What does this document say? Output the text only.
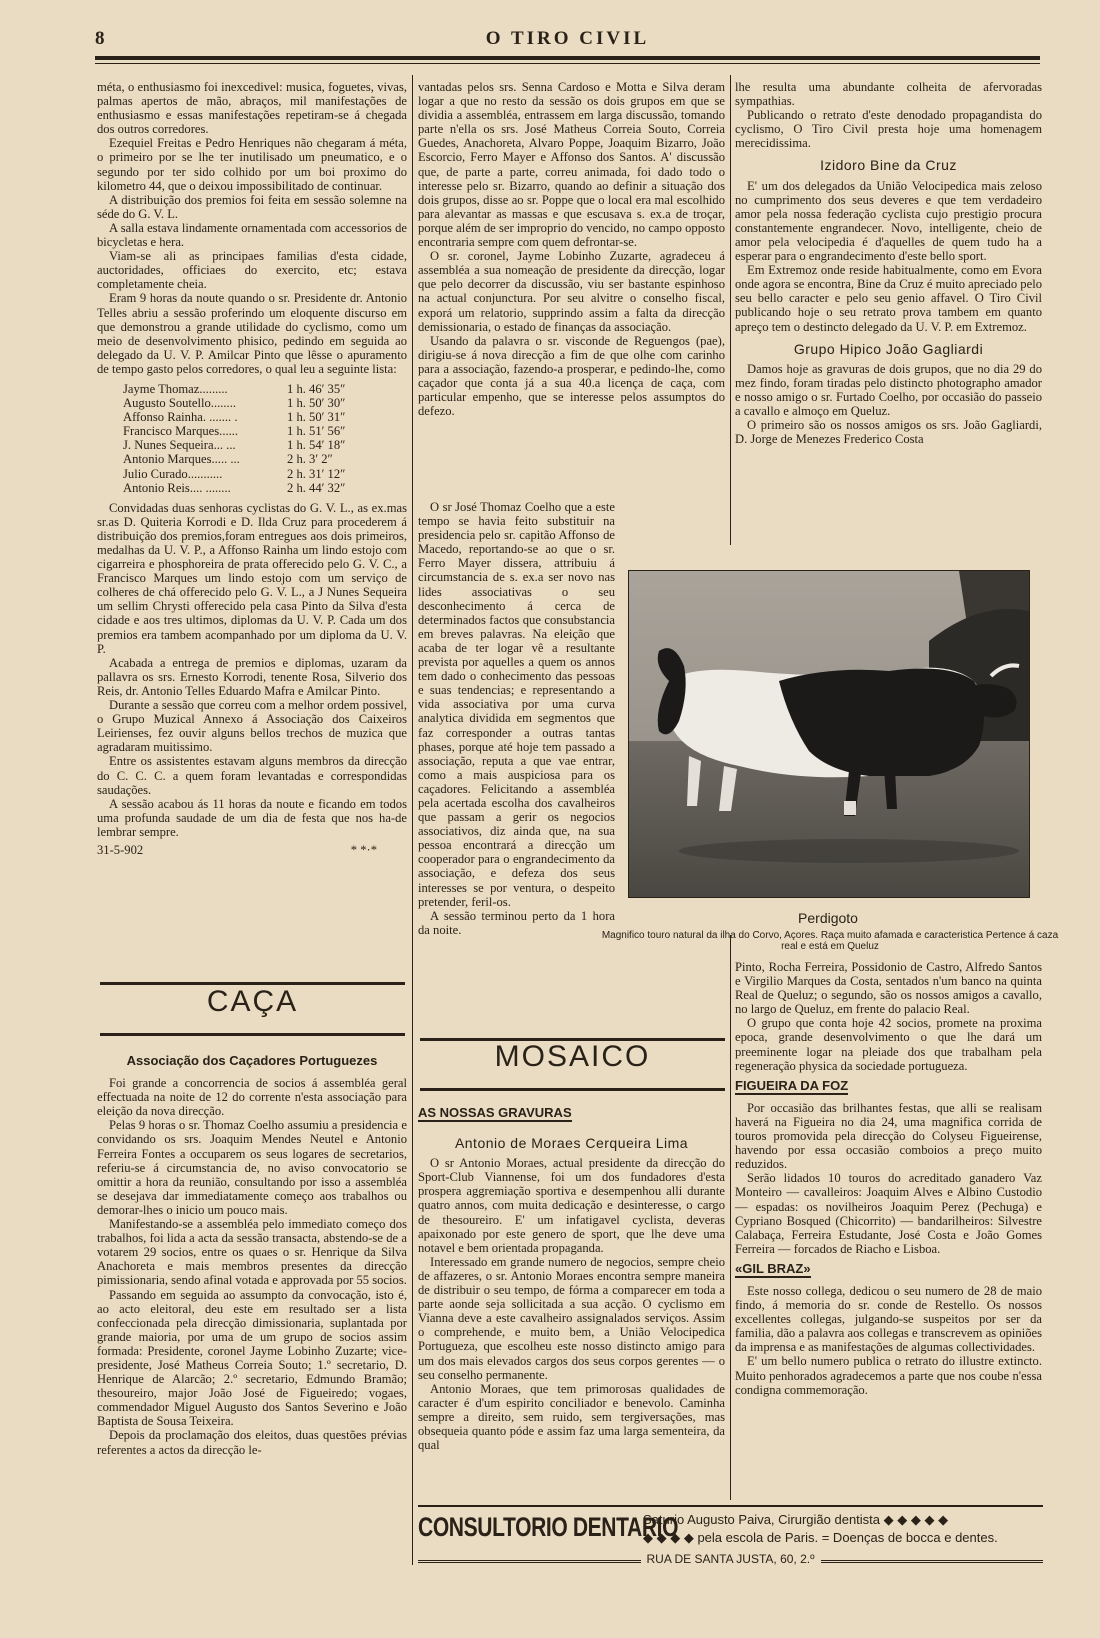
8	O TIRO CIVIL

méta, o enthusiasmo foi inexcedivel: musica, foguetes, vivas, palmas apertos de mão, abraços, mil manifestações de enthusiasmo e essas manifestações repetiram-se á chegada dos outros corredores.

Ezequiel Freitas e Pedro Henriques não chegaram á méta, o primeiro por se lhe ter inutilisado um pneumatico, e o segundo por ter sido colhido por um boi proximo do kilometro 44, que o deixou impossibilitado de continuar.

A distribuição dos premios foi feita em sessão solemne na séde do G. V. L.

A salla estava lindamente ornamentada com accessorios de bicycletas e hera.

Viam-se ali as principaes familias d'esta cidade, auctoridades, officiaes do exercito, etc; estava completamente cheia.

Eram 9 horas da noute quando o sr. Presidente dr. Antonio Telles abriu a sessão proferindo um eloquente discurso em que demonstrou a grande utilidade do cyclismo, como um meio de desenvolvimento phisico, pedindo em seguida ao delegado da U. V. P. Amilcar Pinto que lêsse o apuramento de tempo gasto pelos corredores, o qual leu a seguinte lista:

Jayme Thomaz.........	1 h. 46′ 35″
Augusto Soutello........	1 h. 50′ 30″
Affonso Rainha. ....... .	1 h. 50′ 31″
Francisco Marques......	1 h. 51′ 56″
J. Nunes Sequeira... ...	1 h. 54′ 18″
Antonio Marques..... ...	2 h. 3′ 2″
Julio Curado...........	2 h. 31′ 12″
Antonio Reis.... ........	2 h. 44′ 32″

Convidadas duas senhoras cyclistas do G. V. L., as ex.mas sr.as D. Quiteria Korrodi e D. Ilda Cruz para procederem á distribuição dos premios,foram entregues aos dois primeiros, medalhas da U. V. P., a Affonso Rainha um lindo estojo com cigarreira e phosphoreira de prata offerecido pelo G. V. C., a Francisco Marques um lindo estojo com um serviço de colheres de chá offerecido pelo G. V. L., a J Nunes Sequeira um sellim Chrysti offerecido pela casa Pinto da Silva d'esta cidade e aos tres ultimos, diplomas da U. V. P. Cada um dos premios era tambem acompanhado por um diploma da U. V. P.

Acabada a entrega de premios e diplomas, uzaram da pallavra os srs. Ernesto Korrodi, tenente Rosa, Silverio dos Reis, dr. Antonio Telles Eduardo Mafra e Amilcar Pinto.

Durante a sessão que correu com a melhor ordem possivel, o Grupo Muzical Annexo á Associação dos Caixeiros Leirienses, fez ouvir alguns bellos trechos de muzica que agradaram muitissimo.

Entre os assistentes estavam alguns membros da direcção do C. C. C. a quem foram levantadas e correspondidas saudações.

A sessão acabou ás 11 horas da noute e ficando em todos uma profunda saudade de um dia de festa que nos ha-de lembrar sempre.

31-5-902	* *·*
CAÇA
Associação dos Caçadores Portuguezes

Foi grande a concorrencia de socios á assembléa geral effectuada na noite de 12 do corrente n'esta associação para eleição da nova direcção.

Pelas 9 horas o sr. Thomaz Coelho assumiu a presidencia e convidando os srs. Joaquim Mendes Neutel e Antonio Ferreira Fontes a occuparem os seus logares de secretarios, referiu-se á circumstancia de, no aviso convocatorio se omittir a hora da reunião, consultando por isso a assembléa se desejava dar immediatamente começo aos trabalhos ou demorar-lhes o inicio um pouco mais.

Manifestando-se a assembléa pelo immediato começo dos trabalhos, foi lida a acta da sessão transacta, abstendo-se de a votarem 29 socios, entre os quaes o sr. Henrique da Silva Anachoreta e mais membros presentes da direcção pimissionaria, sendo afinal votada e approvada por 55 socios.

Passando em seguida ao assumpto da convocação, isto é, ao acto eleitoral, deu este em resultado ser a lista confeccionada pela direcção dimissionaria, suplantada por grande maioria, por uma de um grupo de socios assim formada: Presidente, coronel Jayme Lobinho Zuzarte; vice-presidente, José Matheus Correia Souto; 1.º secretario, D. Henrique de Alarcão; 2.º secretario, Edmundo Bramão; thesoureiro, major João José de Figueiredo; vogaes, commendador Miguel Augusto dos Santos Severino e João Baptista de Sousa Teixeira.

Depois da proclamação dos eleitos, duas questões prévias referentes a actos da direcção le-

vantadas pelos srs. Senna Cardoso e Motta e Silva deram logar a que no resto da sessão os dois grupos em que se dividia a assembléa, entrassem em larga discussão, tomando parte n'ella os srs. José Matheus Correia Souto, Correia Guedes, Anachoreta, Alvaro Poppe, Joaquim Bizarro, João Escorcio, Ferro Mayer e Affonso dos Santos. A' discussão que, de parte a parte, correu animada, foi dado todo o interesse pelo sr. Bizarro, quando ao definir a situação dos dois grupos, disse ao sr. Poppe que o local era mal escolhido para alevantar as massas e que escusava s. ex.a de troçar, porque além de ser improprio do vencido, no campo opposto encontraria sempre com quem defrontar-se.

O sr. coronel, Jayme Lobinho Zuzarte, agradeceu á assembléa a sua nomeação de presidente da direcção, logar que pelo decorrer da discussão, viu ser bastante espinhoso na actual conjunctura. Por seu alvitre o conselho fiscal, exporá um relatorio, supprindo assim a falta da direcção demissionaria, o estado de finanças da associação.

Usando da palavra o sr. visconde de Reguengos (pae), dirigiu-se á nova direcção a fim de que olhe com carinho para a associação, fazendo-a prosperar, e pedindo-lhe, como caçador que conta já a sua 40.a licença de caça, com particular empenho, que se interesse pelos assumptos do defezo.

O sr José Thomaz Coelho que a este tempo se havia feito substituir na presidencia pelo sr. capitão Affonso de Macedo, reportando-se ao que o sr. Ferro Mayer dissera, attribuiu á circumstancia de s. ex.a ser novo nas lides associativas o seu desconhecimento á cerca de determinados factos que consubstancia em breves palavras. Na eleição que acaba de ter logar vê a resultante prevista por aquelles a quem os annos tem dado o conhecimento das pessoas e suas tendencias; e representando a vida associativa por uma curva analytica dividida em segmentos que faz corresponder a outras tantas phases, porque até hoje tem passado a associação, reputa a que vae entrar, como a mais auspiciosa para os caçadores. Felicitando a assembléa pela acertada escolha dos cavalheiros que passam a gerir os negocios associativos, diz ainda que, na sua pessoa encontrará a direcção um cooperador para o engrandecimento da associação, e defeza dos seus interesses se por ventura, o despeito pretender, feril-os.

A sessão terminou perto da 1 hora da noite.

MOSAICO
AS NOSSAS GRAVURAS
Antonio de Moraes Cerqueira Lima

O sr Antonio Moraes, actual presidente da direcção do Sport-Club Viannense, foi um dos fundadores d'esta prospera aggremiação sportiva e desempenhou alli durante quatro annos, com muita dedicação e desinteresse, o cargo de thesoureiro. E' um infatigavel cyclista, deveras apaixonado por este genero de sport, que lhe deve uma notavel e bem orientada propaganda.

Interessado em grande numero de negocios, sempre cheio de affazeres, o sr. Antonio Moraes encontra sempre maneira de distribuir o seu tempo, de fórma a comparecer em toda a parte aonde seja sollicitada a sua acção. O cyclismo em Vianna deve a este cavalheiro assignalados serviços. Assim o comprehende, e muito bem, a União Velocipedica Portugueza, que escolheu este nosso distincto amigo para um dos mais elevados cargos dos seus corpos gerentes — o seu conselho permanente.

Antonio Moraes, que tem primorosas qualidades de caracter é d'um espirito conciliador e benevolo. Caminha sempre a direito, sem ruido, sem tergiversações, mas obsequeia quanto póde e assim faz uma larga sementeira, da qual

lhe resulta uma abundante colheita de afervoradas sympathias.

Publicando o retrato d'este denodado propagandista do cyclismo, O Tiro Civil presta hoje uma homenagem merecidissima.

Izidoro Bine da Cruz

E' um dos delegados da União Velocipedica mais zeloso no cumprimento dos seus deveres e que tem verdadeiro amor pela nossa federação cyclista cujo prestigio procura constantemente engrandecer. Novo, intelligente, cheio de amor pela velocipedia é d'aquelles de quem tudo ha a esperar para o engrandecimento d'este bello sport.

Em Extremoz onde reside habitualmente, como em Evora onde agora se encontra, Bine da Cruz é muito apreciado pelo seu bello caracter e pelo seu genio affavel. O Tiro Civil publicando hoje o seu retrato prova tambem em quanto apreço tem o destincto delegado da U. V. P. em Extremoz.

Grupo Hipico João Gagliardi

Damos hoje as gravuras de dois grupos, que no dia 29 do mez findo, foram tiradas pelo distincto photographo amador e nosso amigo o sr. Furtado Coelho, por occasião do passeio a cavallo e almoço em Queluz.

O primeiro são os nossos amigos os srs. João Gagliardi, D. Jorge de Menezes Frederico Costa

Perdigoto
Magnifico touro natural da ilha do Corvo, Açores. Raça muito afamada e caracteristica Pertence á caza real e está em Queluz

Pinto, Rocha Ferreira, Possidonio de Castro, Alfredo Santos e Virgilio Marques da Costa, sentados n'um banco na quinta Real de Queluz; o segundo, são os nossos amigos a cavallo, no largo de Queluz, em frente do palacio Real.

O grupo que conta hoje 42 socios, promete na proxima epoca, grande desenvolvimento o que lhe dará um preeminente logar na pleiade dos que trabalham pela regeneração physica da sociedade portugueza.

FIGUEIRA DA FOZ

Por occasião das brilhantes festas, que alli se realisam haverá na Figueira no dia 24, uma magnifica corrida de touros promovida pela direcção do Colyseu Figueirense, havendo por essa occasião comboios a preço muito reduzidos.

Serão lidados 10 touros do acreditado ganadero Vaz Monteiro — cavalleiros: Joaquim Alves e Albino Custodio — espadas: os novilheiros Joaquim Perez (Pechuga) e Cypriano Bosqued (Chicorrito) — bandarilheiros: Silvestre Calabaça, Ferreira Estudante, José Costa e João Gomes Ferreira — forcados de Riacho e Lisboa.

«GIL BRAZ»

Este nosso collega, dedicou o seu numero de 28 de maio findo, á memoria do sr. conde de Restello. Os nossos excellentes collegas, julgando-se suspeitos por ser da familia, dão a palavra aos collegas e transcrevem as opiniões da imprensa e as manifestações de algumas collectividades.

E' um bello numero publica o retrato do illustre extincto. Muito penhorados agradecemos a parte que nos coube n'essa condigna commemoração.

CONSULTORIO DENTARIO
Saturio Augusto Paiva, Cirurgião dentista ◆ ◆ ◆ ◆ ◆
◆ ◆ ◆ ◆ pela escola de Paris. = Doenças de bocca e dentes.
RUA DE SANTA JUSTA, 60, 2.º
